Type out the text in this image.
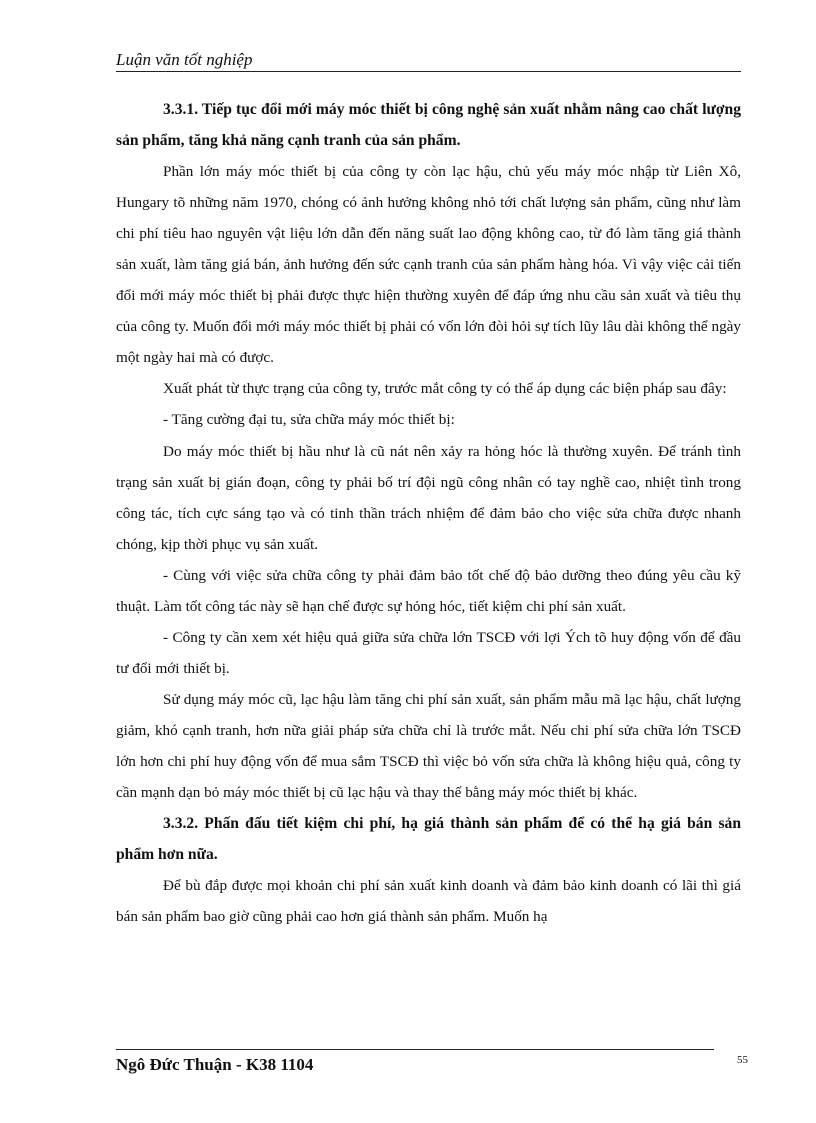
Luận văn tốt nghiệp

3.3.1. Tiếp tục đổi mới máy móc thiết bị công nghệ sản xuất nhằm nâng cao chất lượng sản phẩm, tăng khả năng cạnh tranh của sản phẩm.

Phần lớn máy móc thiết bị của công ty còn lạc hậu, chủ yếu máy móc nhập từ Liên Xô, Hungary tõ những năm 1970, chóng có ảnh hưởng không nhỏ tới chất lượng sản phẩm, cũng như làm chi phí tiêu hao nguyên vật liệu lớn dẫn đến năng suất lao động không cao, từ đó làm tăng giá thành sản xuất, làm tăng giá bán, ảnh hưởng đến sức cạnh tranh của sản phẩm hàng hóa. Vì vậy việc cải tiến đổi mới máy móc thiết bị phải được thực hiện thường xuyên để đáp ứng nhu cầu sản xuất và tiêu thụ của công ty. Muốn đổi mới máy móc thiết bị phải có vốn lớn đòi hỏi sự tích lũy lâu dài không thể ngày một ngày hai mà có được.

Xuất phát từ thực trạng của công ty, trước mắt công ty có thể áp dụng các biện pháp sau đây:

- Tăng cường đại tu, sửa chữa máy móc thiết bị:

Do máy móc thiết bị hầu như là cũ nát nên xảy ra hỏng hóc là thường xuyên. Để tránh tình trạng sản xuất bị gián đoạn, công ty phải bố trí đội ngũ công nhân có tay nghề cao, nhiệt tình trong công tác, tích cực sáng tạo và có tinh thần trách nhiệm để đảm bảo cho việc sửa chữa được nhanh chóng, kịp thời phục vụ sản xuất.

- Cùng với việc sửa chữa công ty phải đảm bảo tốt chế độ bảo dưỡng theo đúng yêu cầu kỹ thuật. Làm tốt công tác này sẽ hạn chế được sự hỏng hóc, tiết kiệm chi phí sản xuất.

- Công ty cần xem xét hiệu quả giữa sửa chữa lớn TSCĐ với lợi Ých tõ huy động vốn để đầu tư đổi mới thiết bị.

Sử dụng máy móc cũ, lạc hậu làm tăng chi phí sản xuất, sản phẩm mẫu mã lạc hậu, chất lượng giảm, khó cạnh tranh, hơn nữa giải pháp sửa chữa chỉ là trước mắt. Nếu chi phí sửa chữa lớn TSCĐ lớn hơn chi phí huy động vốn để mua sắm TSCĐ thì việc bỏ vốn sửa chữa là không hiệu quả, công ty cần mạnh dạn bỏ máy móc thiết bị cũ lạc hậu và thay thế bằng máy móc thiết bị khác.

3.3.2. Phấn đấu tiết kiệm chi phí, hạ giá thành sản phẩm để có thể hạ giá bán sản phẩm hơn nữa.

Để bù đắp được mọi khoản chi phí sản xuất kinh doanh và đảm bảo kinh doanh có lãi thì giá bán sản phẩm bao giờ cũng phải cao hơn giá thành sản phẩm. Muốn hạ

Ngô Đức Thuận - K38 1104	55
